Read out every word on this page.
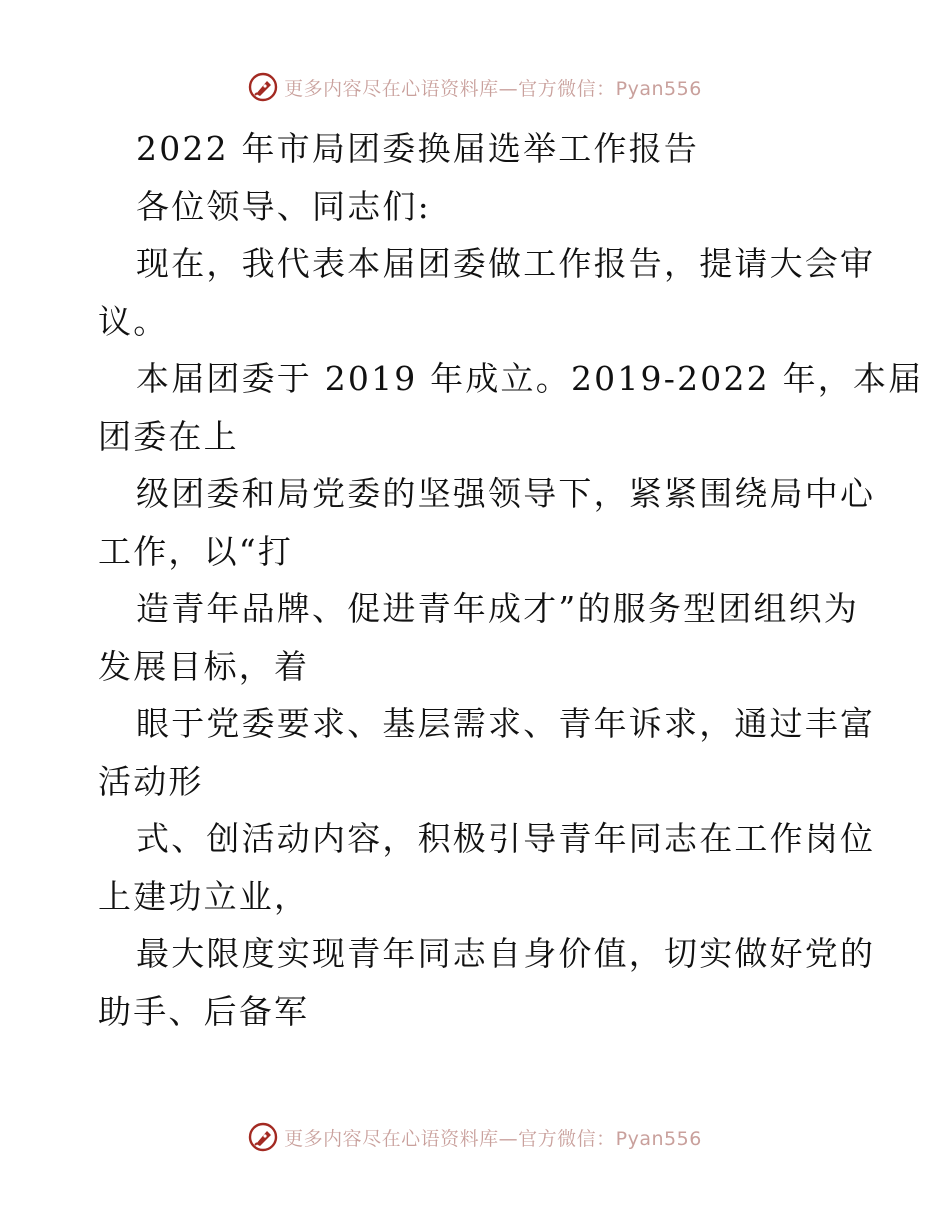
更多内容尽在心语资料库—官方微信：Pyan556
2022 年市局团委换届选举工作报告
各位领导、同志们:
现在，我代表本届团委做工作报告，提请大会审
议。
本届团委于 2019 年成立。2019-2022 年，本届
团委在上
级团委和局党委的坚强领导下，紧紧围绕局中心
工作，以“打
造青年品牌、促进青年成才”的服务型团组织为
发展目标，着
眼于党委要求、基层需求、青年诉求，通过丰富
活动形
式、创活动内容，积极引导青年同志在工作岗位
上建功立业，
最大限度实现青年同志自身价值，切实做好党的
助手、后备军
更多内容尽在心语资料库—官方微信：Pyan556
